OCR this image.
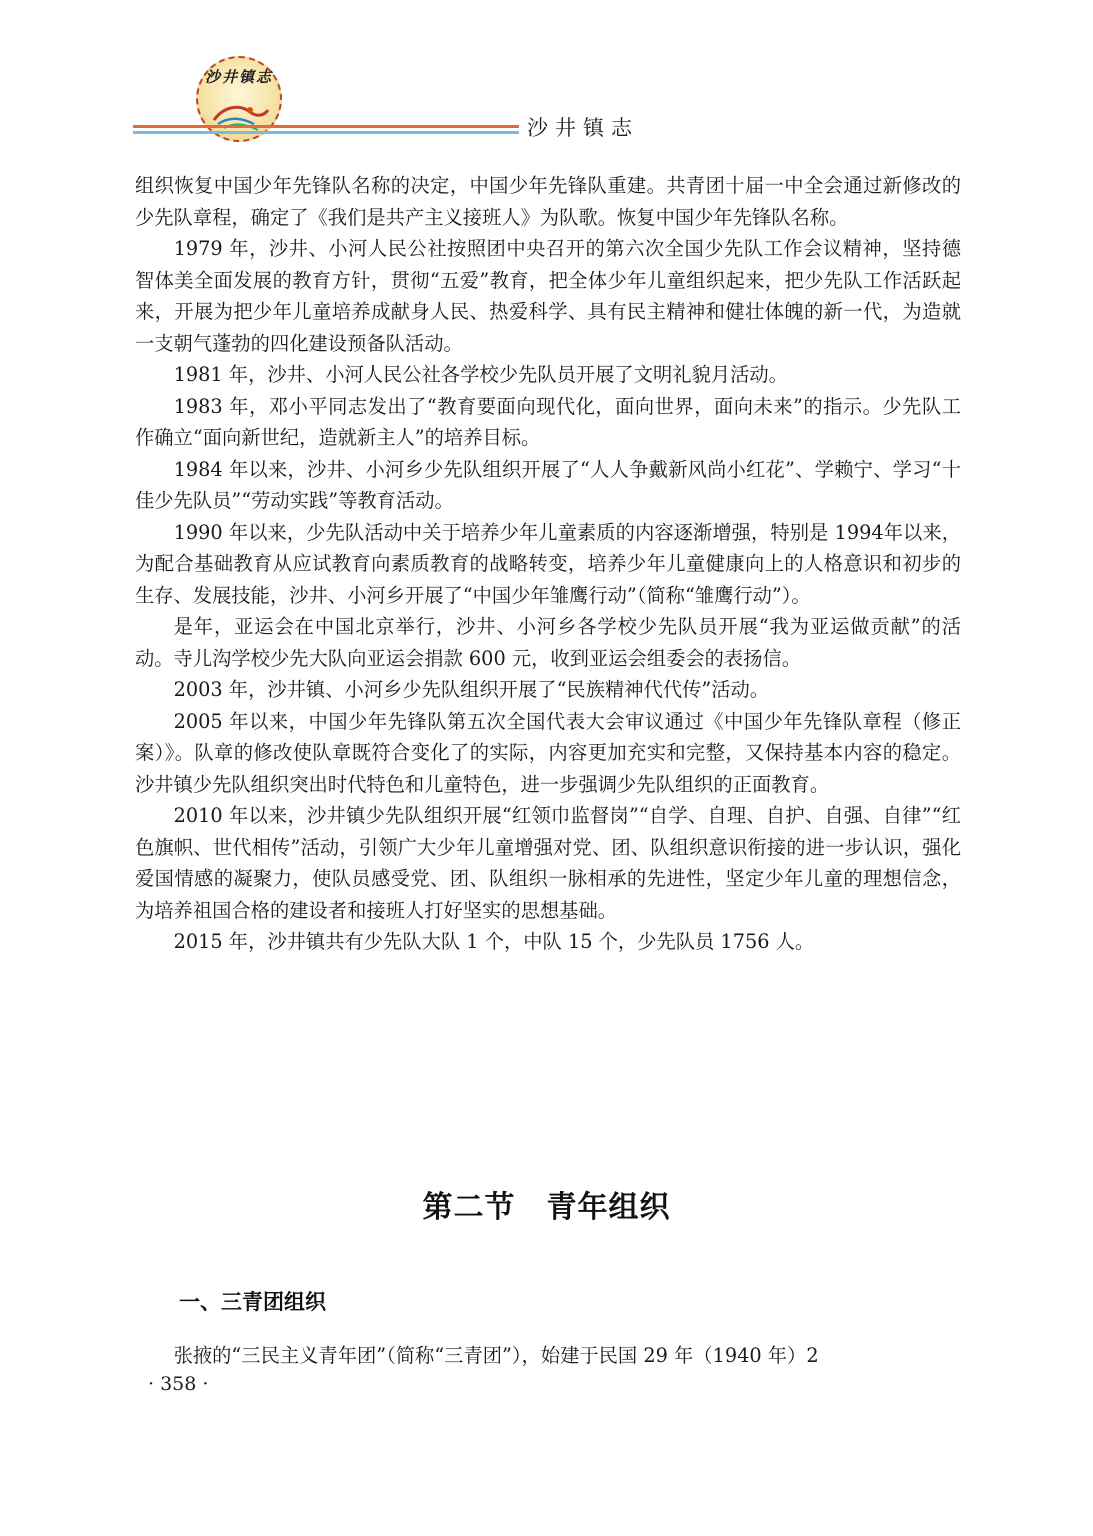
沙井镇志
沙井镇志

组织恢复中国少年先锋队名称的决定，中国少年先锋队重建。共青团十届一中全会通过新修改的少先队章程，确定了《我们是共产主义接班人》为队歌。恢复中国少年先锋队名称。

1979 年，沙井、小河人民公社按照团中央召开的第六次全国少先队工作会议精神，坚持德智体美全面发展的教育方针，贯彻“五爱”教育，把全体少年儿童组织起来，把少先队工作活跃起来，开展为把少年儿童培养成献身人民、热爱科学、具有民主精神和健壮体魄的新一代，为造就一支朝气蓬勃的四化建设预备队活动。

1981 年，沙井、小河人民公社各学校少先队员开展了文明礼貌月活动。

1983 年，邓小平同志发出了“教育要面向现代化，面向世界，面向未来”的指示。少先队工作确立“面向新世纪，造就新主人”的培养目标。

1984 年以来，沙井、小河乡少先队组织开展了“人人争戴新风尚小红花”、学赖宁、学习“十佳少先队员”“劳动实践”等教育活动。

1990 年以来，少先队活动中关于培养少年儿童素质的内容逐渐增强，特别是 1994年以来，为配合基础教育从应试教育向素质教育的战略转变，培养少年儿童健康向上的人格意识和初步的生存、发展技能，沙井、小河乡开展了“中国少年雏鹰行动”（简称“雏鹰行动”）。

是年，亚运会在中国北京举行，沙井、小河乡各学校少先队员开展“我为亚运做贡献”的活动。寺儿沟学校少先大队向亚运会捐款 600 元，收到亚运会组委会的表扬信。

2003 年，沙井镇、小河乡少先队组织开展了“民族精神代代传”活动。

2005 年以来，中国少年先锋队第五次全国代表大会审议通过《中国少年先锋队章程（修正案）》。队章的修改使队章既符合变化了的实际，内容更加充实和完整，又保持基本内容的稳定。沙井镇少先队组织突出时代特色和儿童特色，进一步强调少先队组织的正面教育。

2010 年以来，沙井镇少先队组织开展“红领巾监督岗”“自学、自理、自护、自强、自律”“红色旗帜、世代相传”活动，引领广大少年儿童增强对党、团、队组织意识衔接的进一步认识，强化爱国情感的凝聚力，使队员感受党、团、队组织一脉相承的先进性，坚定少年儿童的理想信念，为培养祖国合格的建设者和接班人打好坚实的思想基础。

2015 年，沙井镇共有少先队大队 1 个，中队 15 个，少先队员 1756 人。

第二节　青年组织
一、三青团组织

张掖的“三民主义青年团”（简称“三青团”），始建于民国 29 年（1940 年）2

· 358 ·
